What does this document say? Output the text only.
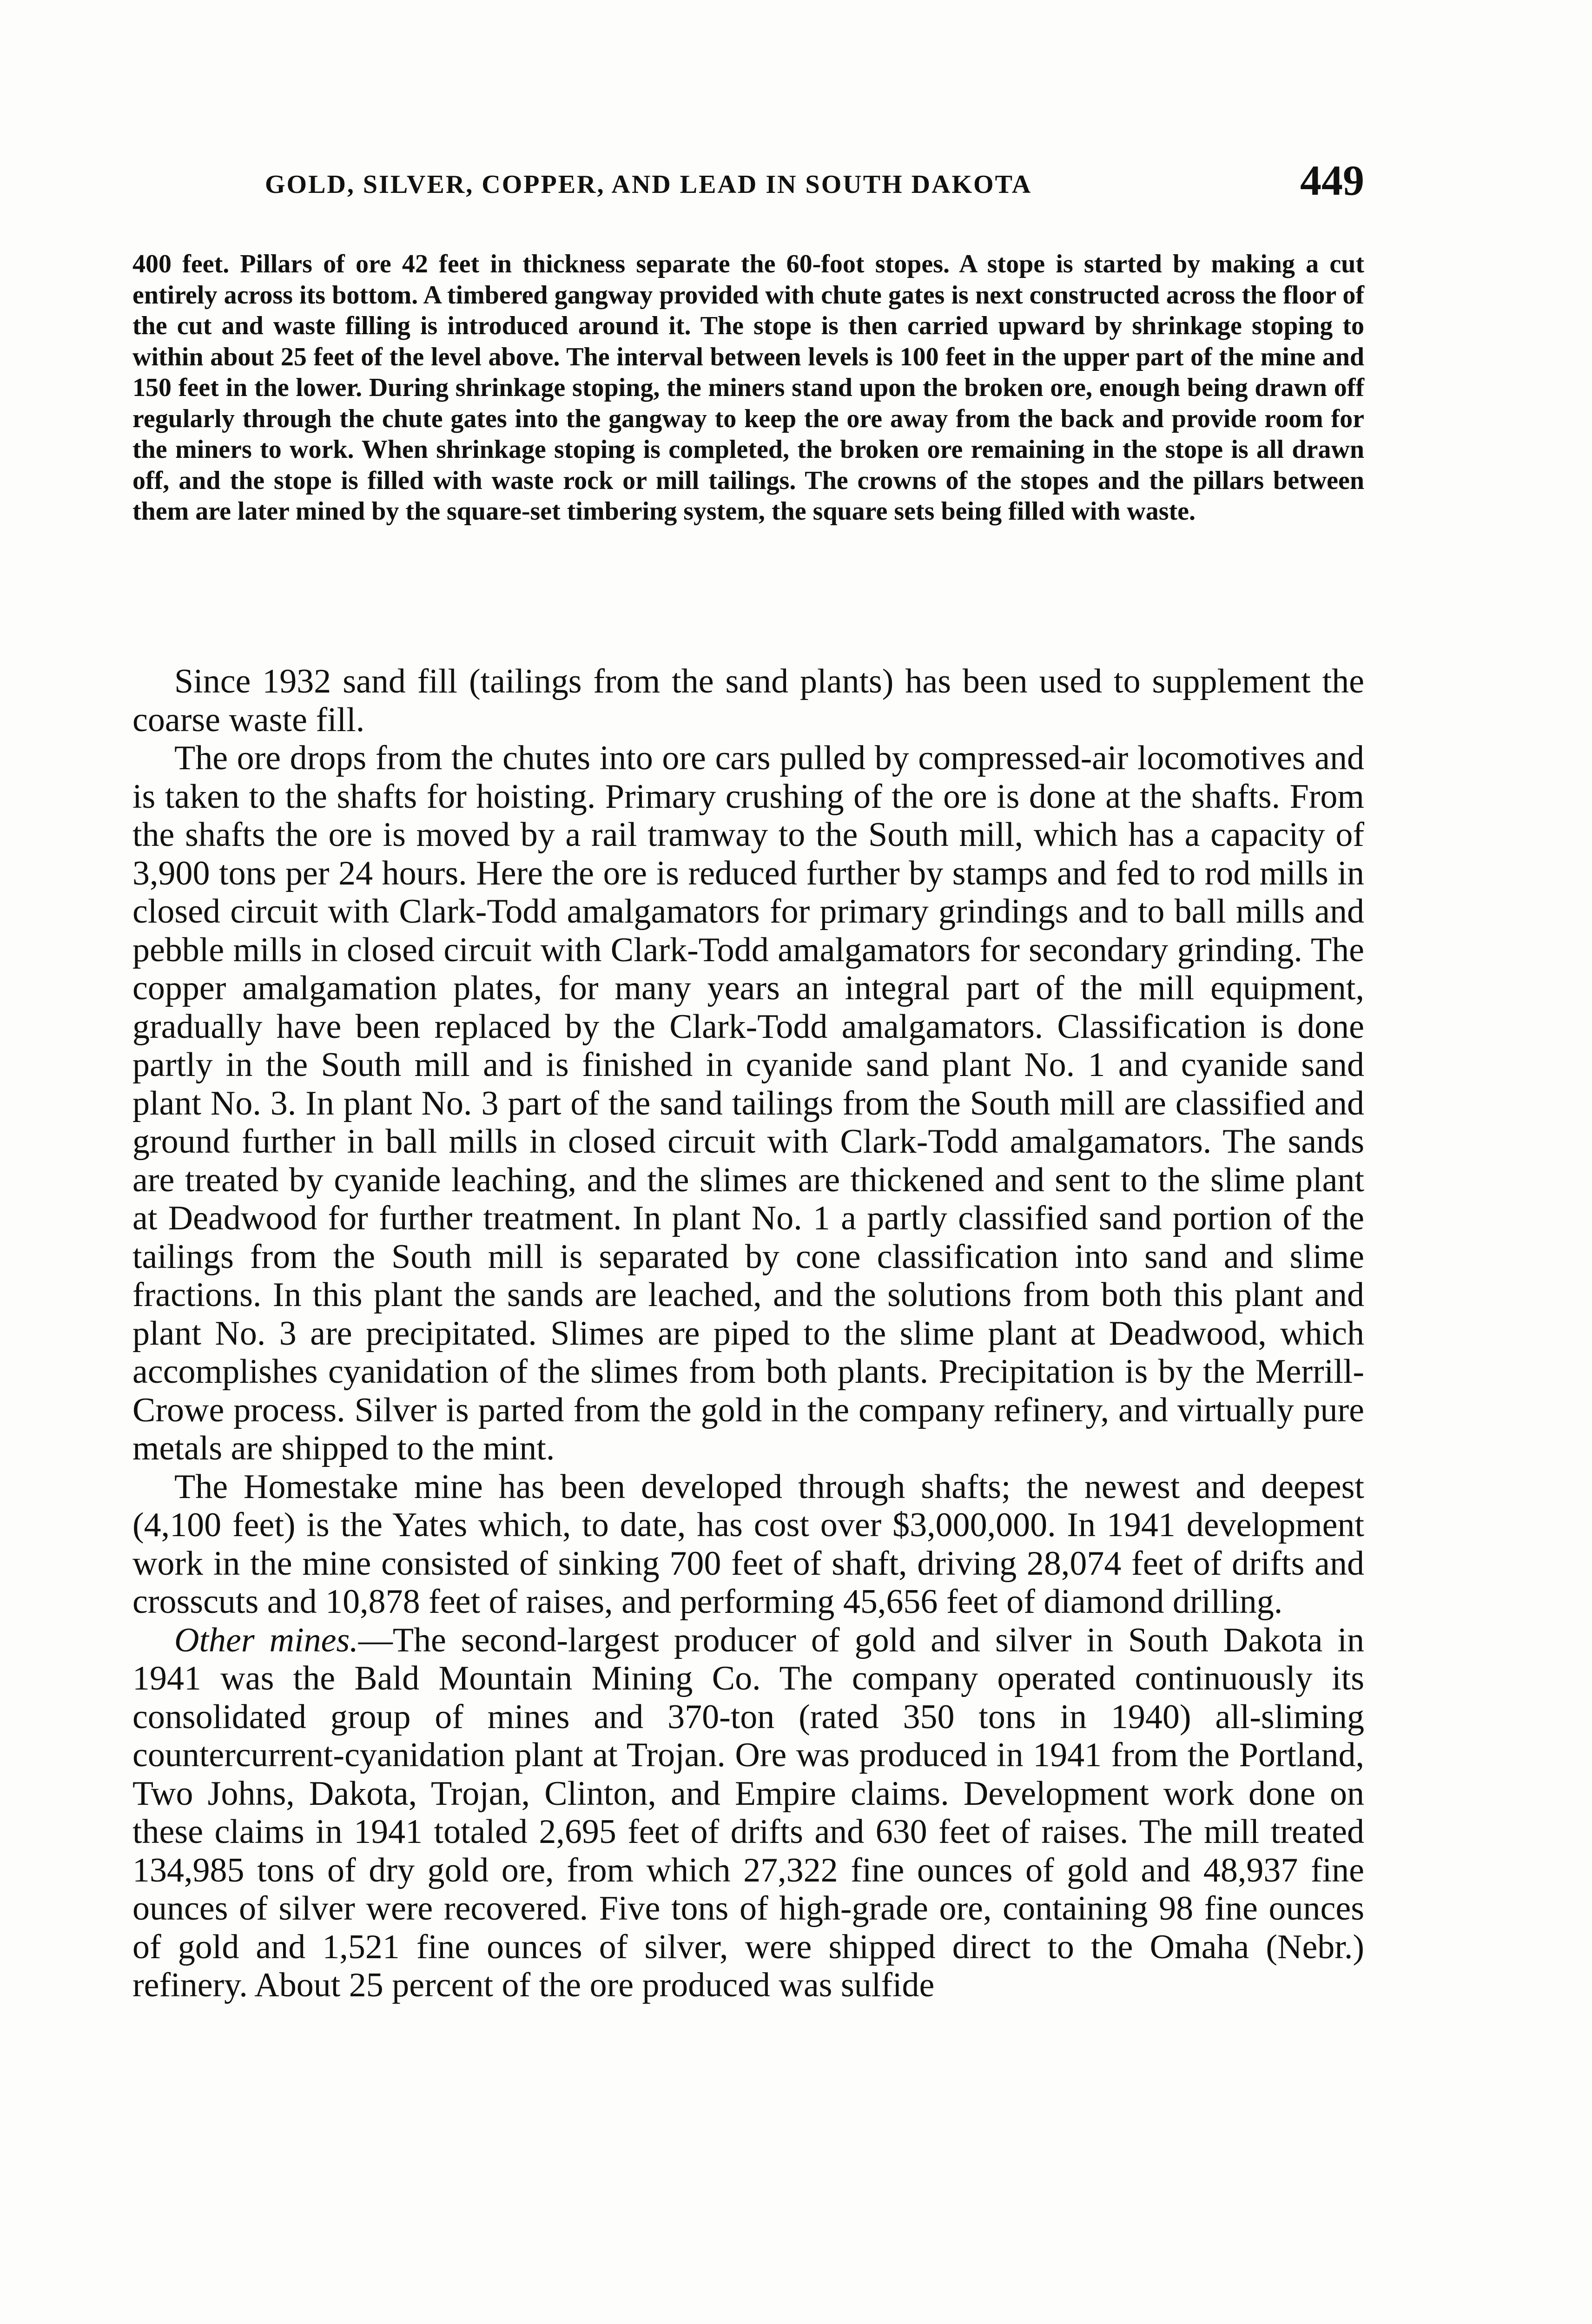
GOLD, SILVER, COPPER, AND LEAD IN SOUTH DAKOTA	449

400 feet. Pillars of ore 42 feet in thickness separate the 60-foot stopes. A stope is started by making a cut entirely across its bottom. A timbered gangway provided with chute gates is next constructed across the floor of the cut and waste filling is introduced around it. The stope is then carried upward by shrinkage stoping to within about 25 feet of the level above. The interval between levels is 100 feet in the upper part of the mine and 150 feet in the lower. During shrinkage stoping, the miners stand upon the broken ore, enough being drawn off regularly through the chute gates into the gangway to keep the ore away from the back and provide room for the miners to work. When shrinkage stoping is completed, the broken ore remaining in the stope is all drawn off, and the stope is filled with waste rock or mill tailings. The crowns of the stopes and the pillars between them are later mined by the square-set timbering system, the square sets being filled with waste.

Since 1932 sand fill (tailings from the sand plants) has been used to supplement the coarse waste fill.

The ore drops from the chutes into ore cars pulled by compressed-air locomotives and is taken to the shafts for hoisting. Primary crushing of the ore is done at the shafts. From the shafts the ore is moved by a rail tramway to the South mill, which has a capacity of 3,900 tons per 24 hours. Here the ore is reduced further by stamps and fed to rod mills in closed circuit with Clark-Todd amalgamators for primary grindings and to ball mills and pebble mills in closed circuit with Clark-Todd amalgamators for secondary grinding. The copper amalgamation plates, for many years an integral part of the mill equipment, gradually have been replaced by the Clark-Todd amalgamators. Classification is done partly in the South mill and is finished in cyanide sand plant No. 1 and cyanide sand plant No. 3. In plant No. 3 part of the sand tailings from the South mill are classified and ground further in ball mills in closed circuit with Clark-Todd amalgamators. The sands are treated by cyanide leaching, and the slimes are thickened and sent to the slime plant at Deadwood for further treatment. In plant No. 1 a partly classified sand portion of the tailings from the South mill is separated by cone classification into sand and slime fractions. In this plant the sands are leached, and the solutions from both this plant and plant No. 3 are precipitated. Slimes are piped to the slime plant at Deadwood, which accomplishes cyanidation of the slimes from both plants. Precipitation is by the Merrill-Crowe process. Silver is parted from the gold in the company refinery, and virtually pure metals are shipped to the mint.

The Homestake mine has been developed through shafts; the newest and deepest (4,100 feet) is the Yates which, to date, has cost over $3,000,000. In 1941 development work in the mine consisted of sinking 700 feet of shaft, driving 28,074 feet of drifts and crosscuts and 10,878 feet of raises, and performing 45,656 feet of diamond drilling.

Other mines.—The second-largest producer of gold and silver in South Dakota in 1941 was the Bald Mountain Mining Co. The company operated continuously its consolidated group of mines and 370-ton (rated 350 tons in 1940) all-sliming countercurrent-cyanidation plant at Trojan. Ore was produced in 1941 from the Portland, Two Johns, Dakota, Trojan, Clinton, and Empire claims. Development work done on these claims in 1941 totaled 2,695 feet of drifts and 630 feet of raises. The mill treated 134,985 tons of dry gold ore, from which 27,322 fine ounces of gold and 48,937 fine ounces of silver were recovered. Five tons of high-grade ore, containing 98 fine ounces of gold and 1,521 fine ounces of silver, were shipped direct to the Omaha (Nebr.) refinery. About 25 percent of the ore produced was sulfide
